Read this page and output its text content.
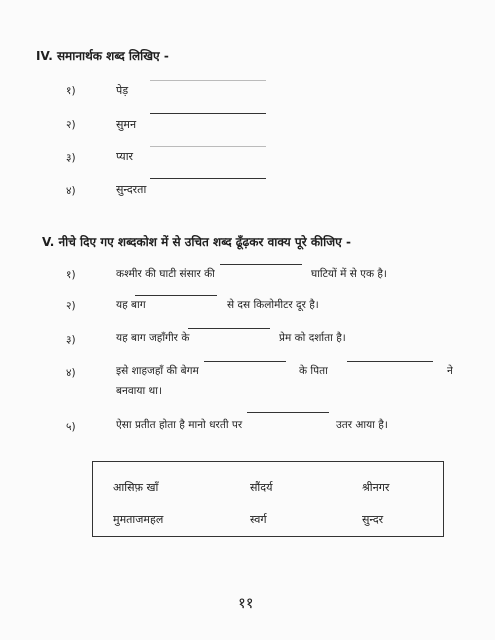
IV. समानार्थक शब्द लिखिए -
१)	पेड़
२)	सुमन
३)	प्यार
४)	सुन्दरता
V. नीचे दिए गए शब्दकोश में से उचित शब्द ढूँढ़कर वाक्य पूरे कीजिए -
१)	कश्मीर की घाटी संसार की	घाटियों में से एक है।
२)	यह बाग	से दस किलोमीटर दूर है।
३)	यह बाग जहाँगीर के	प्रेम को दर्शाता है।
४)	इसे शाहजहाँ की बेगम	के पिता	ने
बनवाया था।
५)	ऐसा प्रतीत होता है मानो धरती पर	उतर आया है।
आसिफ़ खाँ	सौंदर्य	श्रीनगर
मुमताजमहल	स्वर्ग	सुन्दर
११
